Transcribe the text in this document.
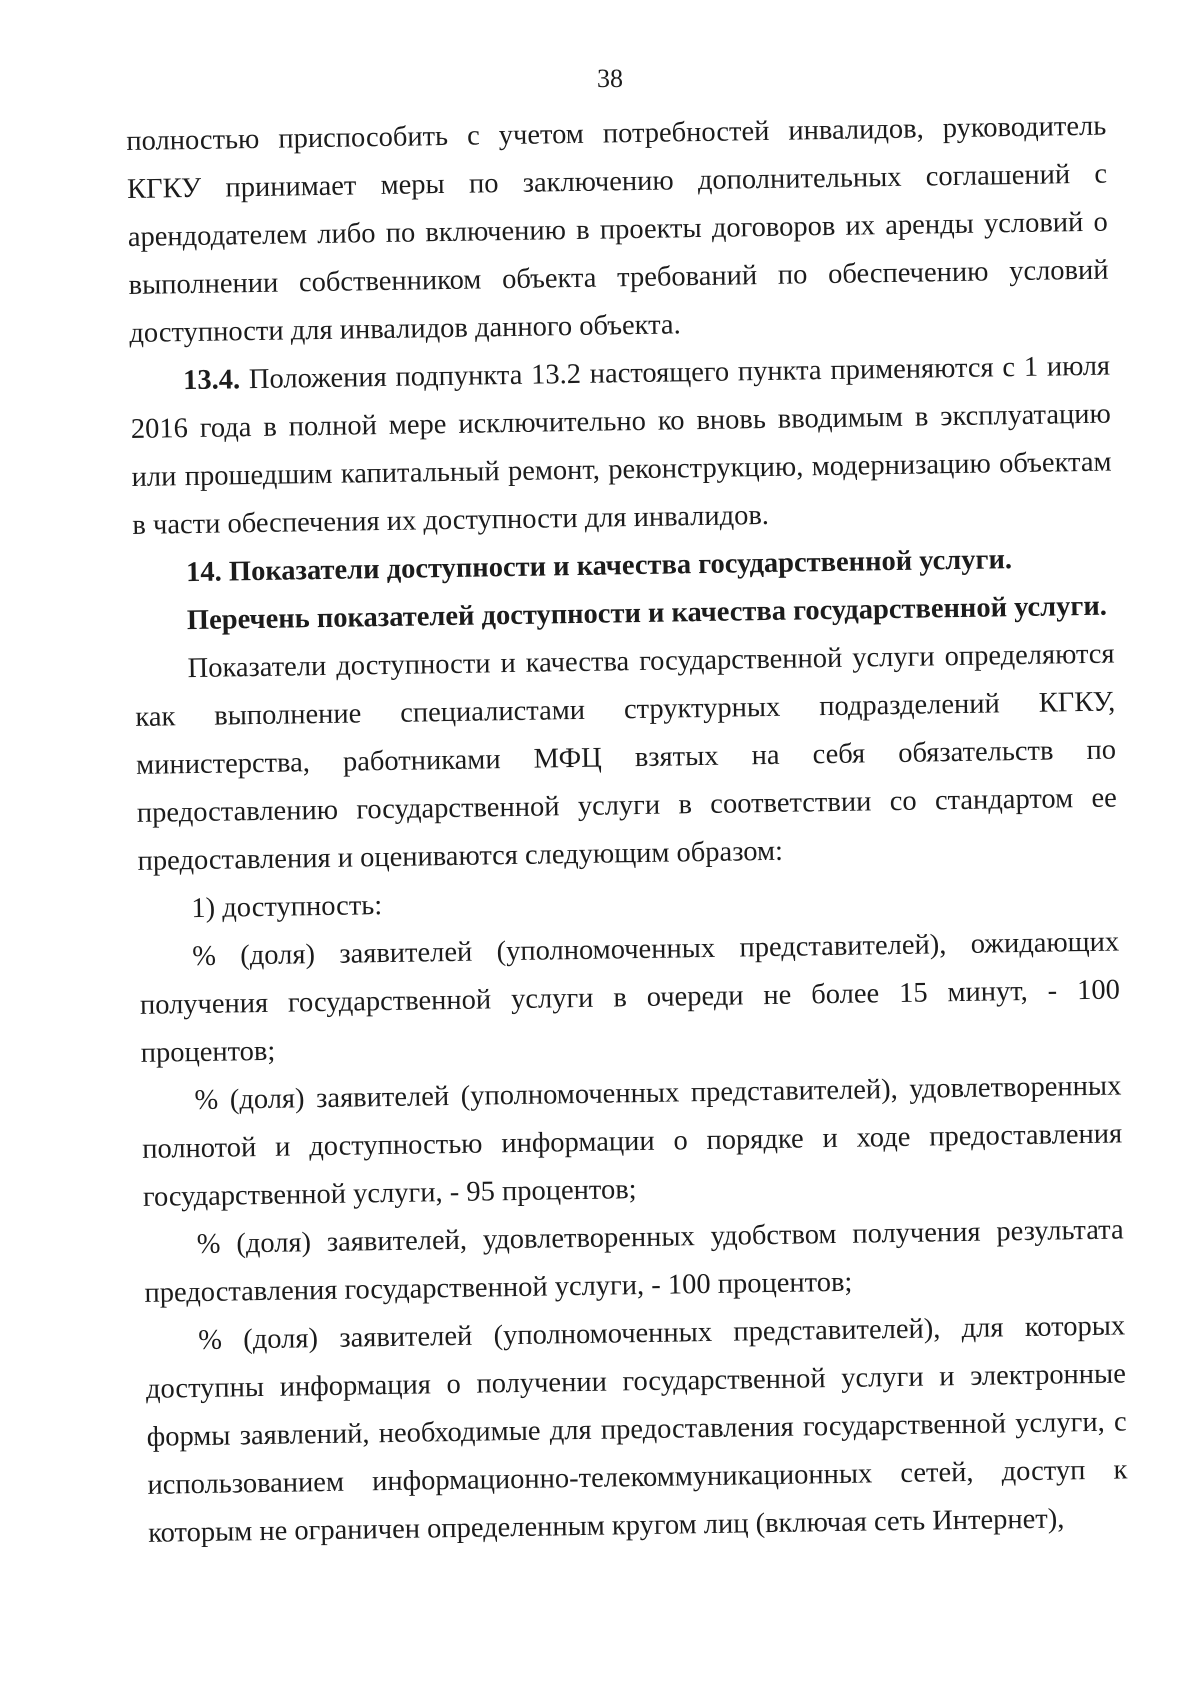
38

полностью приспособить с учетом потребностей инвалидов, руководитель КГКУ принимает меры по заключению дополнительных соглашений с арендодателем либо по включению в проекты договоров их аренды условий о выполнении собственником объекта требований по обеспечению условий доступности для инвалидов данного объекта.

13.4. Положения подпункта 13.2 настоящего пункта применяются с 1 июля 2016 года в полной мере исключительно ко вновь вводимым в эксплуатацию или прошедшим капитальный ремонт, реконструкцию, модернизацию объектам в части обеспечения их доступности для инвалидов.

14. Показатели доступности и качества государственной услуги.

Перечень показателей доступности и качества государственной услуги.

Показатели доступности и качества государственной услуги определяются как выполнение специалистами структурных подразделений КГКУ, министерства, работниками МФЦ взятых на себя обязательств по предоставлению государственной услуги в соответствии со стандартом ее предоставления и оцениваются следующим образом:

1) доступность:

% (доля) заявителей (уполномоченных представителей), ожидающих получения государственной услуги в очереди не более 15 минут, - 100 процентов;

% (доля) заявителей (уполномоченных представителей), удовлетворенных полнотой и доступностью информации о порядке и ходе предоставления государственной услуги, - 95 процентов;

% (доля) заявителей, удовлетворенных удобством получения результата предоставления государственной услуги, - 100 процентов;

% (доля) заявителей (уполномоченных представителей), для которых доступны информация о получении государственной услуги и электронные формы заявлений, необходимые для предоставления государственной услуги, с использованием информационно-телекоммуникационных сетей, доступ к которым не ограничен определенным кругом лиц (включая сеть Интернет),
